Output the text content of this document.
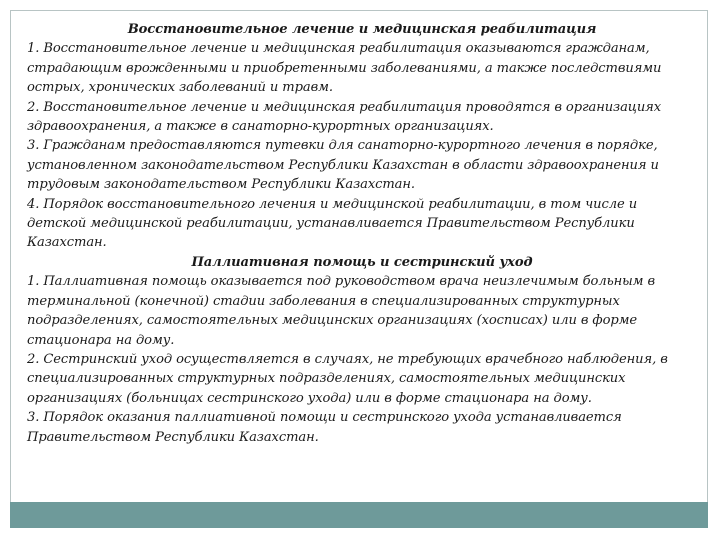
Восстановительное лечение и медицинская реабилитация

1. Восстановительное лечение и медицинская реабилитация оказываются гражданам, страдающим врожденными и приобретенными заболеваниями, а также последствиями острых, хронических заболеваний и травм.

2. Восстановительное лечение и медицинская реабилитация проводятся в организациях здравоохранения, а также в санаторно-курортных организациях.

3. Гражданам предоставляются путевки для санаторно-курортного лечения в порядке, установленном законодательством Республики Казахстан в области здравоохранения и трудовым законодательством Республики Казахстан.

4. Порядок восстановительного лечения и медицинской реабилитации, в том числе и детской медицинской реабилитации, устанавливается Правительством Республики Казахстан.

Паллиативная помощь и сестринский уход

1. Паллиативная помощь оказывается под руководством врача неизлечимым больным в терминальной (конечной) стадии заболевания в специализированных структурных подразделениях, самостоятельных медицинских организациях (хосписах) или в форме стационара на дому.

2. Сестринский уход осуществляется в случаях, не требующих врачебного наблюдения, в специализированных структурных подразделениях, самостоятельных медицинских организациях (больницах сестринского ухода) или в форме стационара на дому.

3. Порядок оказания паллиативной помощи и сестринского ухода устанавливается Правительством Республики Казахстан.
